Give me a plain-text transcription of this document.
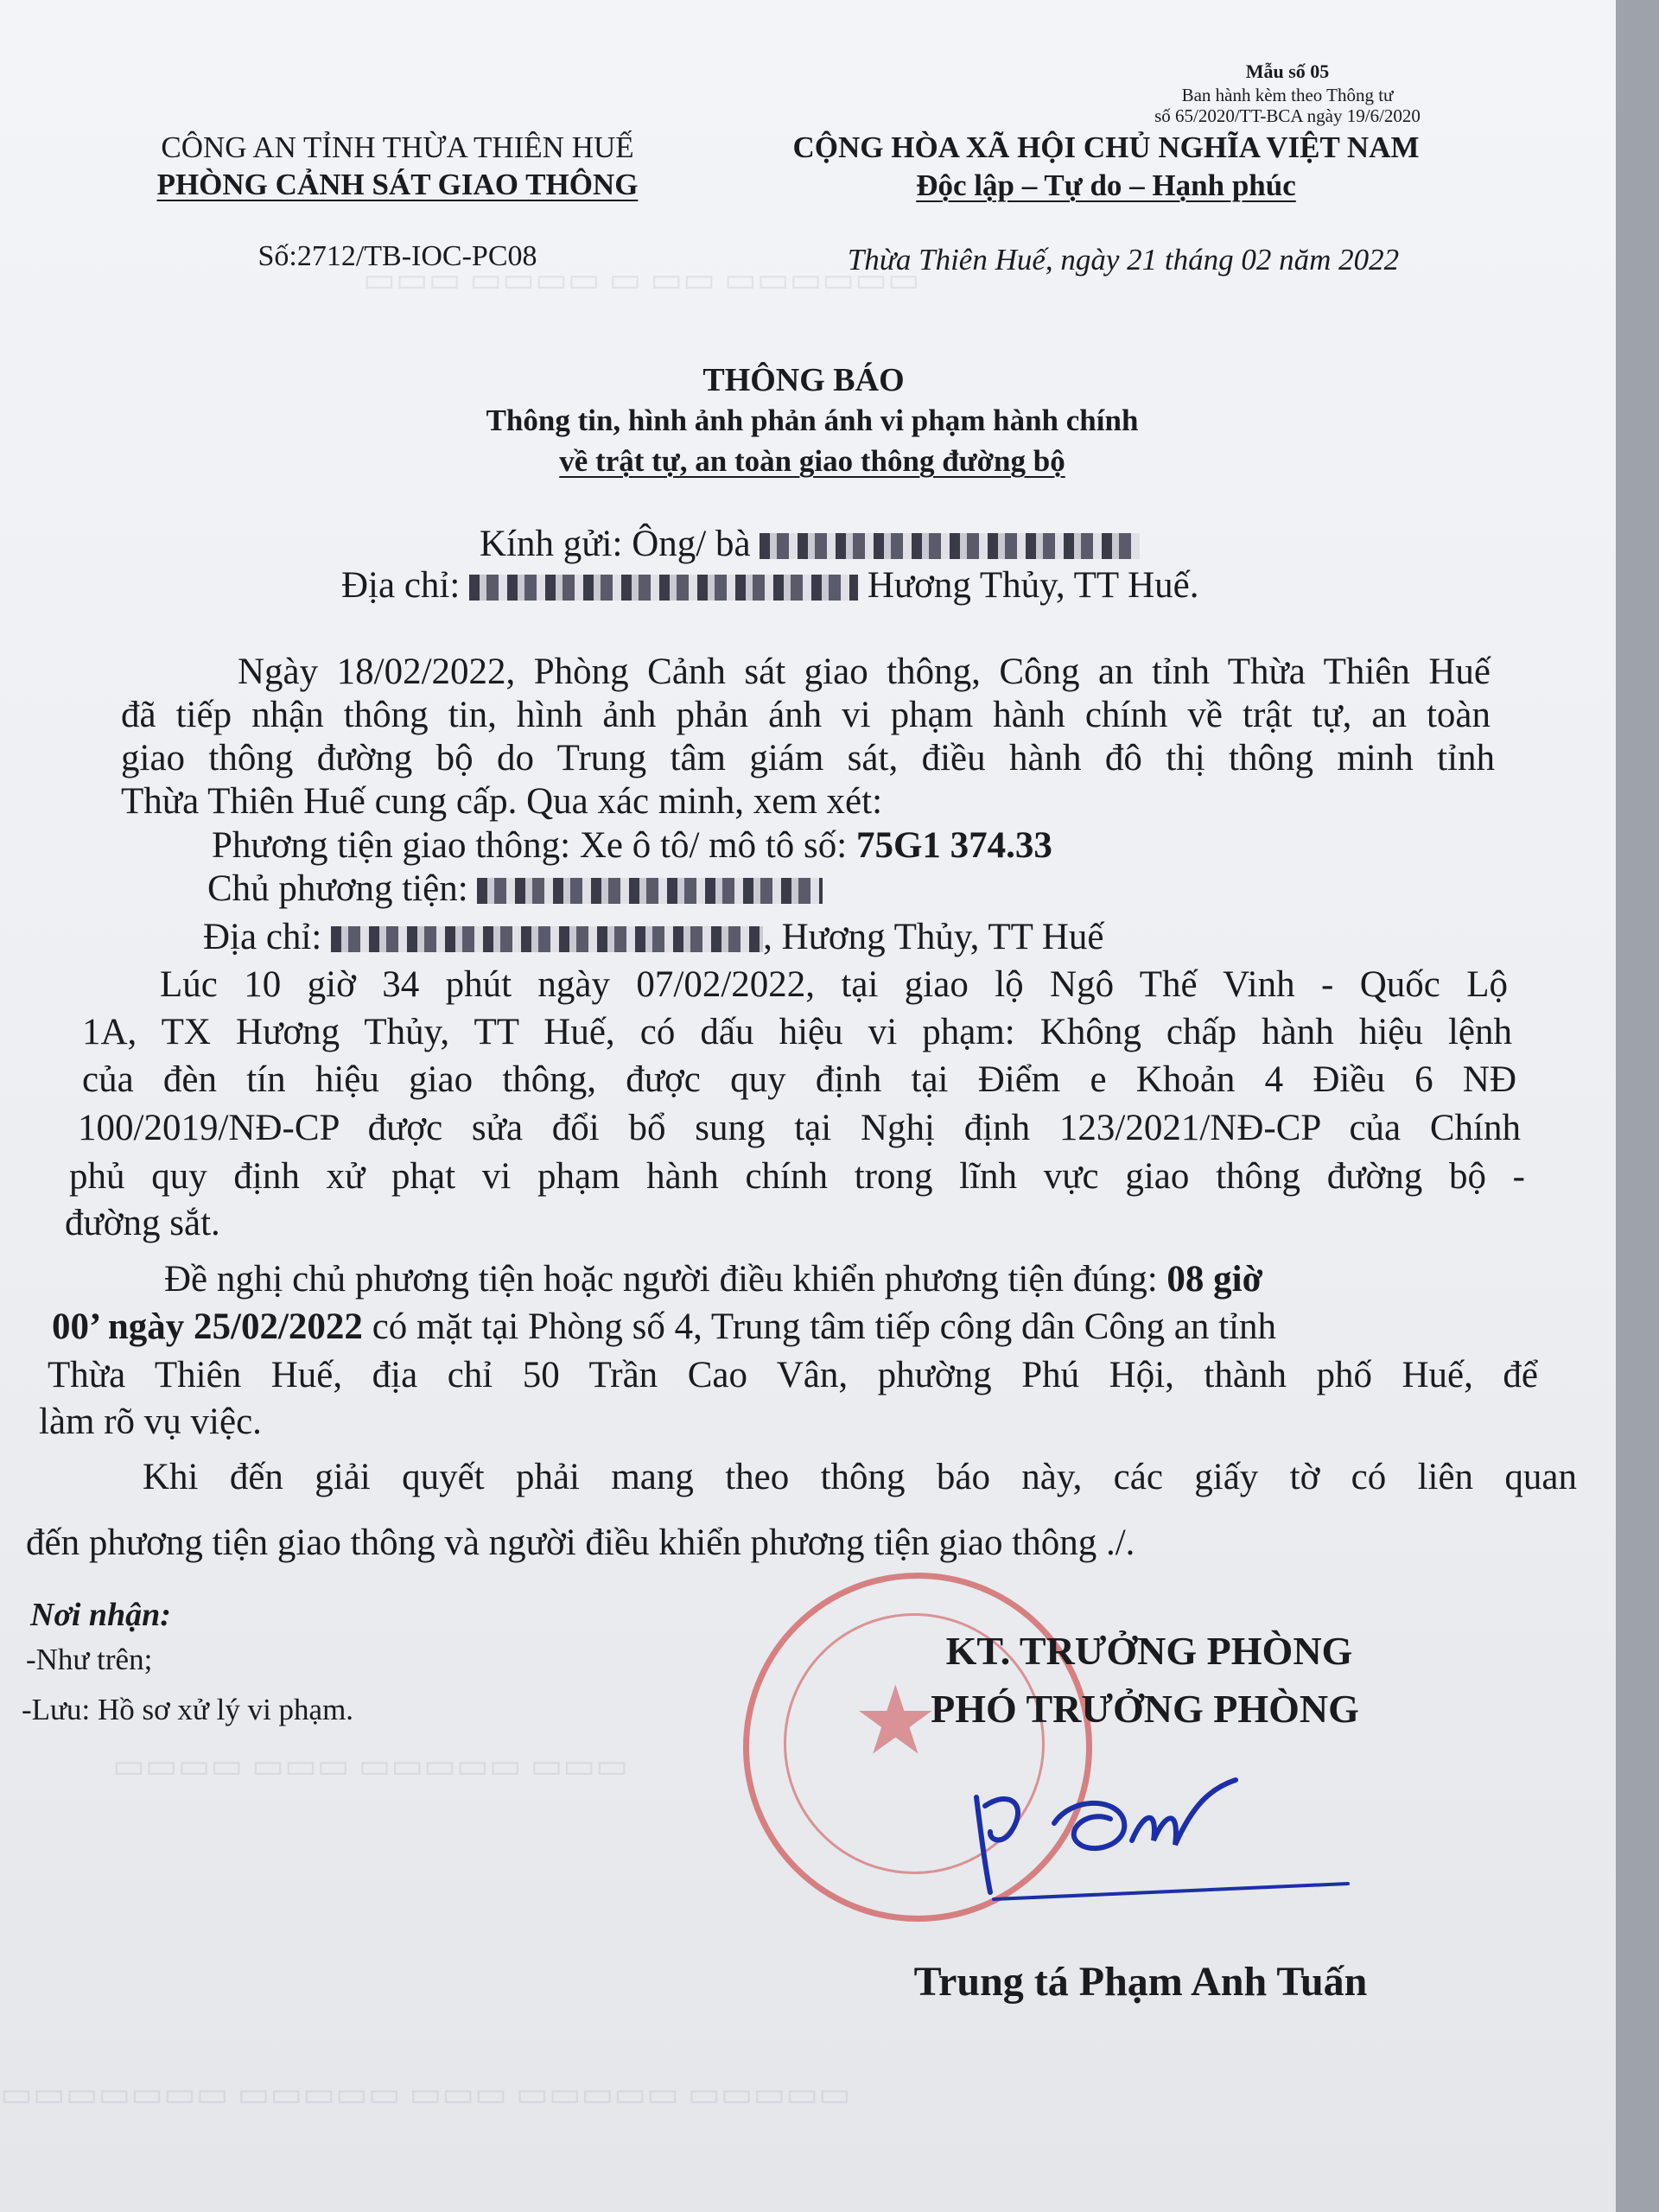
▭▭▭ ▭▭▭▭ ▭ ▭▭ ▭▭▭▭▭▭
▭▭▭▭ ▭▭▭ ▭▭▭▭▭ ▭▭▭
▭▭▭▭▭▭▭ ▭▭▭▭▭ ▭▭▭ ▭▭▭▭▭ ▭▭▭▭▭
Mẫu số 05
Ban hành kèm theo Thông tư
số 65/2020/TT-BCA ngày 19/6/2020
CÔNG AN TỈNH THỪA THIÊN HUẾ
PHÒNG CẢNH SÁT GIAO THÔNG
Số:2712/TB-IOC-PC08
CỘNG HÒA XÃ HỘI CHỦ NGHĨA VIỆT NAM
Độc lập – Tự do – Hạnh phúc
Thừa Thiên Huế, ngày 21 tháng 02 năm 2022
THÔNG BÁO
Thông tin, hình ảnh phản ánh vi phạm hành chính
về trật tự, an toàn giao thông đường bộ
Kính gửi: Ông/ bà
Địa chỉ:	Hương Thủy, TT Huế.
Ngày 18/02/2022, Phòng Cảnh sát giao thông, Công an tỉnh Thừa Thiên Huế
đã tiếp nhận thông tin, hình ảnh phản ánh vi phạm hành chính về trật tự, an toàn
giao thông đường bộ do Trung tâm giám sát, điều hành đô thị thông minh tỉnh
Thừa Thiên Huế cung cấp. Qua xác minh, xem xét:
Phương tiện giao thông: Xe ô tô/ mô tô số: 75G1 374.33
Chủ phương tiện:
Địa chỉ:	, Hương Thủy, TT Huế
Lúc 10 giờ 34 phút ngày 07/02/2022, tại giao lộ Ngô Thế Vinh - Quốc Lộ
1A, TX Hương Thủy, TT Huế, có dấu hiệu vi phạm: Không chấp hành hiệu lệnh
của đèn tín hiệu giao thông, được quy định tại Điểm e Khoản 4 Điều 6 NĐ
100/2019/NĐ-CP được sửa đổi bổ sung tại Nghị định 123/2021/NĐ-CP của Chính
phủ quy định xử phạt vi phạm hành chính trong lĩnh vực giao thông đường bộ -
đường sắt.
Đề nghị chủ phương tiện hoặc người điều khiển phương tiện đúng: 08 giờ
00’ ngày 25/02/2022 có mặt tại Phòng số 4, Trung tâm tiếp công dân Công an tỉnh
Thừa Thiên Huế, địa chỉ 50 Trần Cao Vân, phường Phú Hội, thành phố Huế, để
làm rõ vụ việc.
Khi đến giải quyết phải mang theo thông báo này, các giấy tờ có liên quan
đến phương tiện giao thông và người điều khiển phương tiện giao thông ./.
Nơi nhận:
-Như trên;
-Lưu: Hồ sơ xử lý vi phạm.	★
KT. TRƯỞNG PHÒNG
PHÓ TRƯỞNG PHÒNG
Trung tá Phạm Anh Tuấn
